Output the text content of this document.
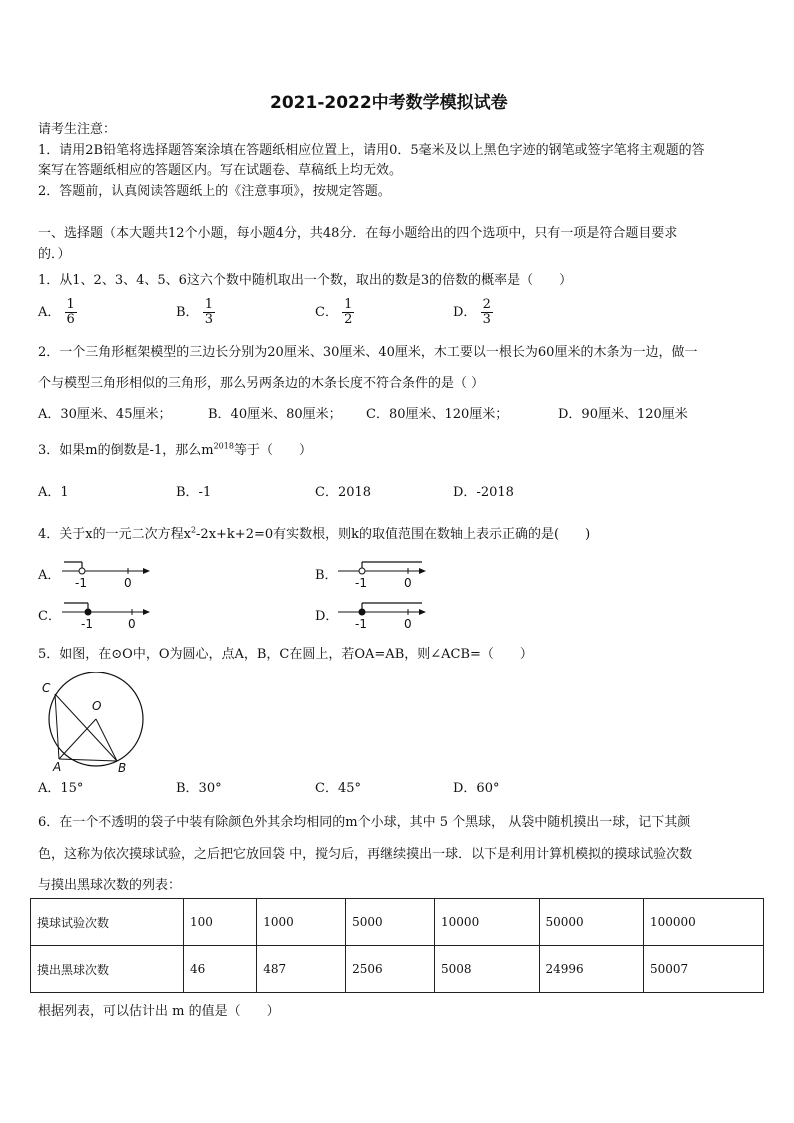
2021-2022中考数学模拟试卷
请考生注意：
1．请用2B铅笔将选择题答案涂填在答题纸相应位置上，请用0．5毫米及以上黑色字迹的钢笔或签字笔将主观题的答
案写在答题纸相应的答题区内。写在试题卷、草稿纸上均无效。
2．答题前，认真阅读答题纸上的《注意事项》，按规定答题。
一、选择题（本大题共12个小题，每小题4分，共48分．在每小题给出的四个选项中，只有一项是符合题目要求
的．）
1．从1、2、3、4、5、6这六个数中随机取出一个数，取出的数是3的倍数的概率是（　　）
A． $\frac{1}{6}$	B． $\frac{1}{3}$	C． $\frac{1}{2}$	D． $\frac{2}{3}$
2．一个三角形框架模型的三边长分别为20厘米、30厘米、40厘米，木工要以一根长为60厘米的木条为一边，做一
个与模型三角形相似的三角形，那么另两条边的木条长度不符合条件的是（ ）
A．30厘米、45厘米；	B．40厘米、80厘米； C．80厘米、120厘米；	D．90厘米、120厘米
3．如果m的倒数是-1，那么$m^{2018}$等于（　　）
A．1	B．-1	C．2018	D．-2018
4．关于x的一元二次方程$x^2-2x+k+2=0$有实数根，则k的取值范围在数轴上表示正确的是(　　)
A． -1	0	B． -1	0
C． -1	0	D． -1	0
5．如图，在⊙O中，O为圆心，点A，B，C在圆上，若OA=AB，则∠ACB=（　　）
C
O
A	B
A．15°	B．30°	C．45°	D．60°
6．在一个不透明的袋子中装有除颜色外其余均相同的m个小球，其中 5 个黑球， 从袋中随机摸出一球，记下其颜
色，这称为依次摸球试验，之后把它放回袋 中，搅匀后，再继续摸出一球．以下是利用计算机模拟的摸球试验次数
与摸出黑球次数的列表：
摸球试验次数	100	1000	5000	10000	50000	100000
摸出黑球次数	46	487	2506	5008	24996	50007
根据列表，可以估计出 m 的值是（　　）
